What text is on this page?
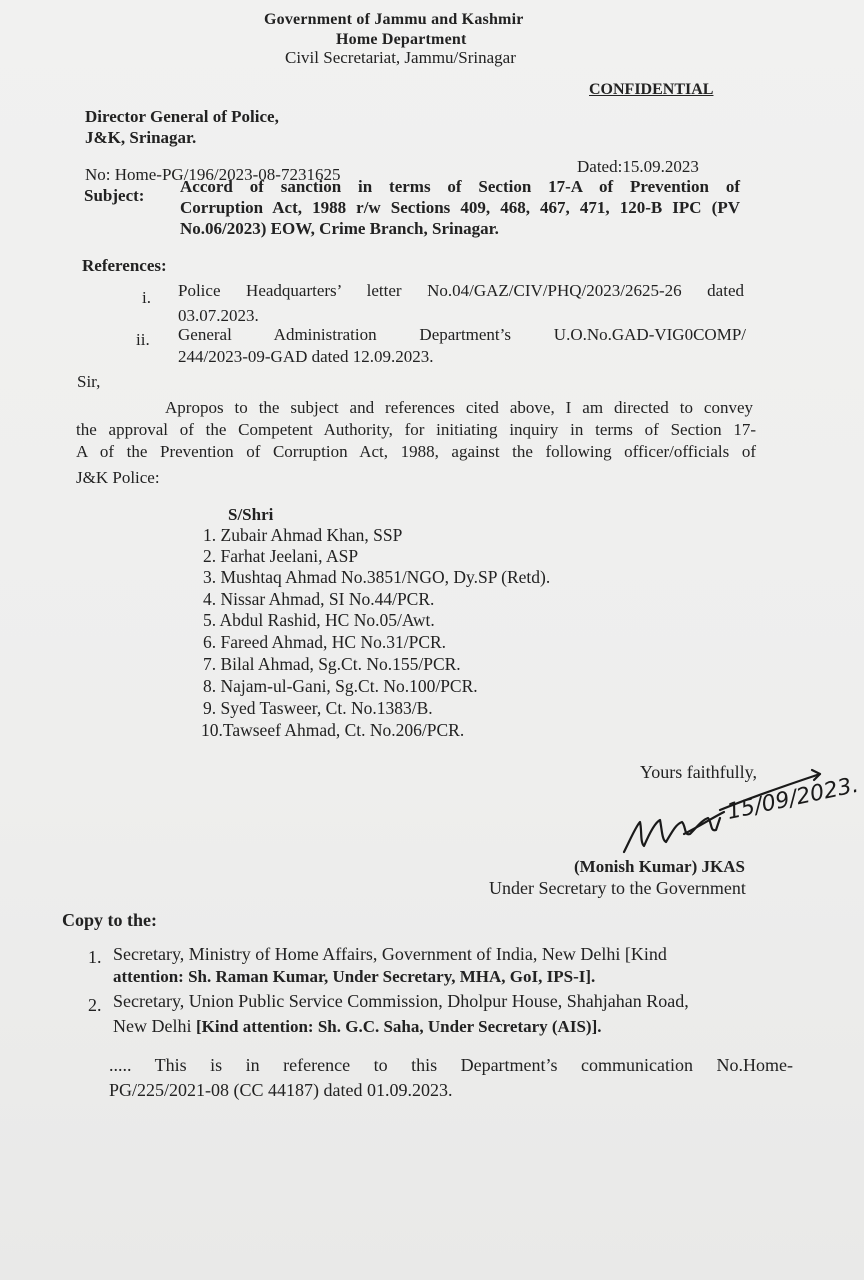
Government of Jammu and Kashmir
Home Department
Civil Secretariat, Jammu/Srinagar
CONFIDENTIAL
Director General of Police,
J&K, Srinagar.
No: Home-PG/196/2023-08-7231625	Dated:15.09.2023
Subject: Accord of sanction in terms of Section 17-A of Prevention of
Corruption Act, 1988 r/w Sections 409, 468, 467, 471, 120-B IPC (PV
No.06/2023) EOW, Crime Branch, Srinagar.
References:
i. Police Headquarters’ letter No.04/GAZ/CIV/PHQ/2023/2625-26 dated
03.07.2023.
ii. General Administration Department’s U.O.No.GAD-VIG0COMP/
244/2023-09-GAD dated 12.09.2023.
Sir,
Apropos to the subject and references cited above, I am directed to convey
the approval of the Competent Authority, for initiating inquiry in terms of Section 17-
A of the Prevention of Corruption Act, 1988, against the following officer/officials of
J&K Police:
S/Shri
1. Zubair Ahmad Khan, SSP
2. Farhat Jeelani, ASP
3. Mushtaq Ahmad No.3851/NGO, Dy.SP (Retd).
4. Nissar Ahmad, SI No.44/PCR.
5. Abdul Rashid, HC No.05/Awt.
6. Fareed Ahmad, HC No.31/PCR.
7. Bilal Ahmad, Sg.Ct. No.155/PCR.
8. Najam-ul-Gani, Sg.Ct. No.100/PCR.
9. Syed Tasweer, Ct. No.1383/B.
10.Tawseef Ahmad, Ct. No.206/PCR.
Yours faithfully,
15/09/2023.
(Monish Kumar) JKAS
Under Secretary to the Government
Copy to the:
1. Secretary, Ministry of Home Affairs, Government of India, New Delhi [Kind
attention: Sh. Raman Kumar, Under Secretary, MHA, GoI, IPS-I].
2. Secretary, Union Public Service Commission, Dholpur House, Shahjahan Road,
New Delhi [Kind attention: Sh. G.C. Saha, Under Secretary (AIS)].
..... This is in reference to this Department’s communication No.Home-
PG/225/2021-08 (CC 44187) dated 01.09.2023.
